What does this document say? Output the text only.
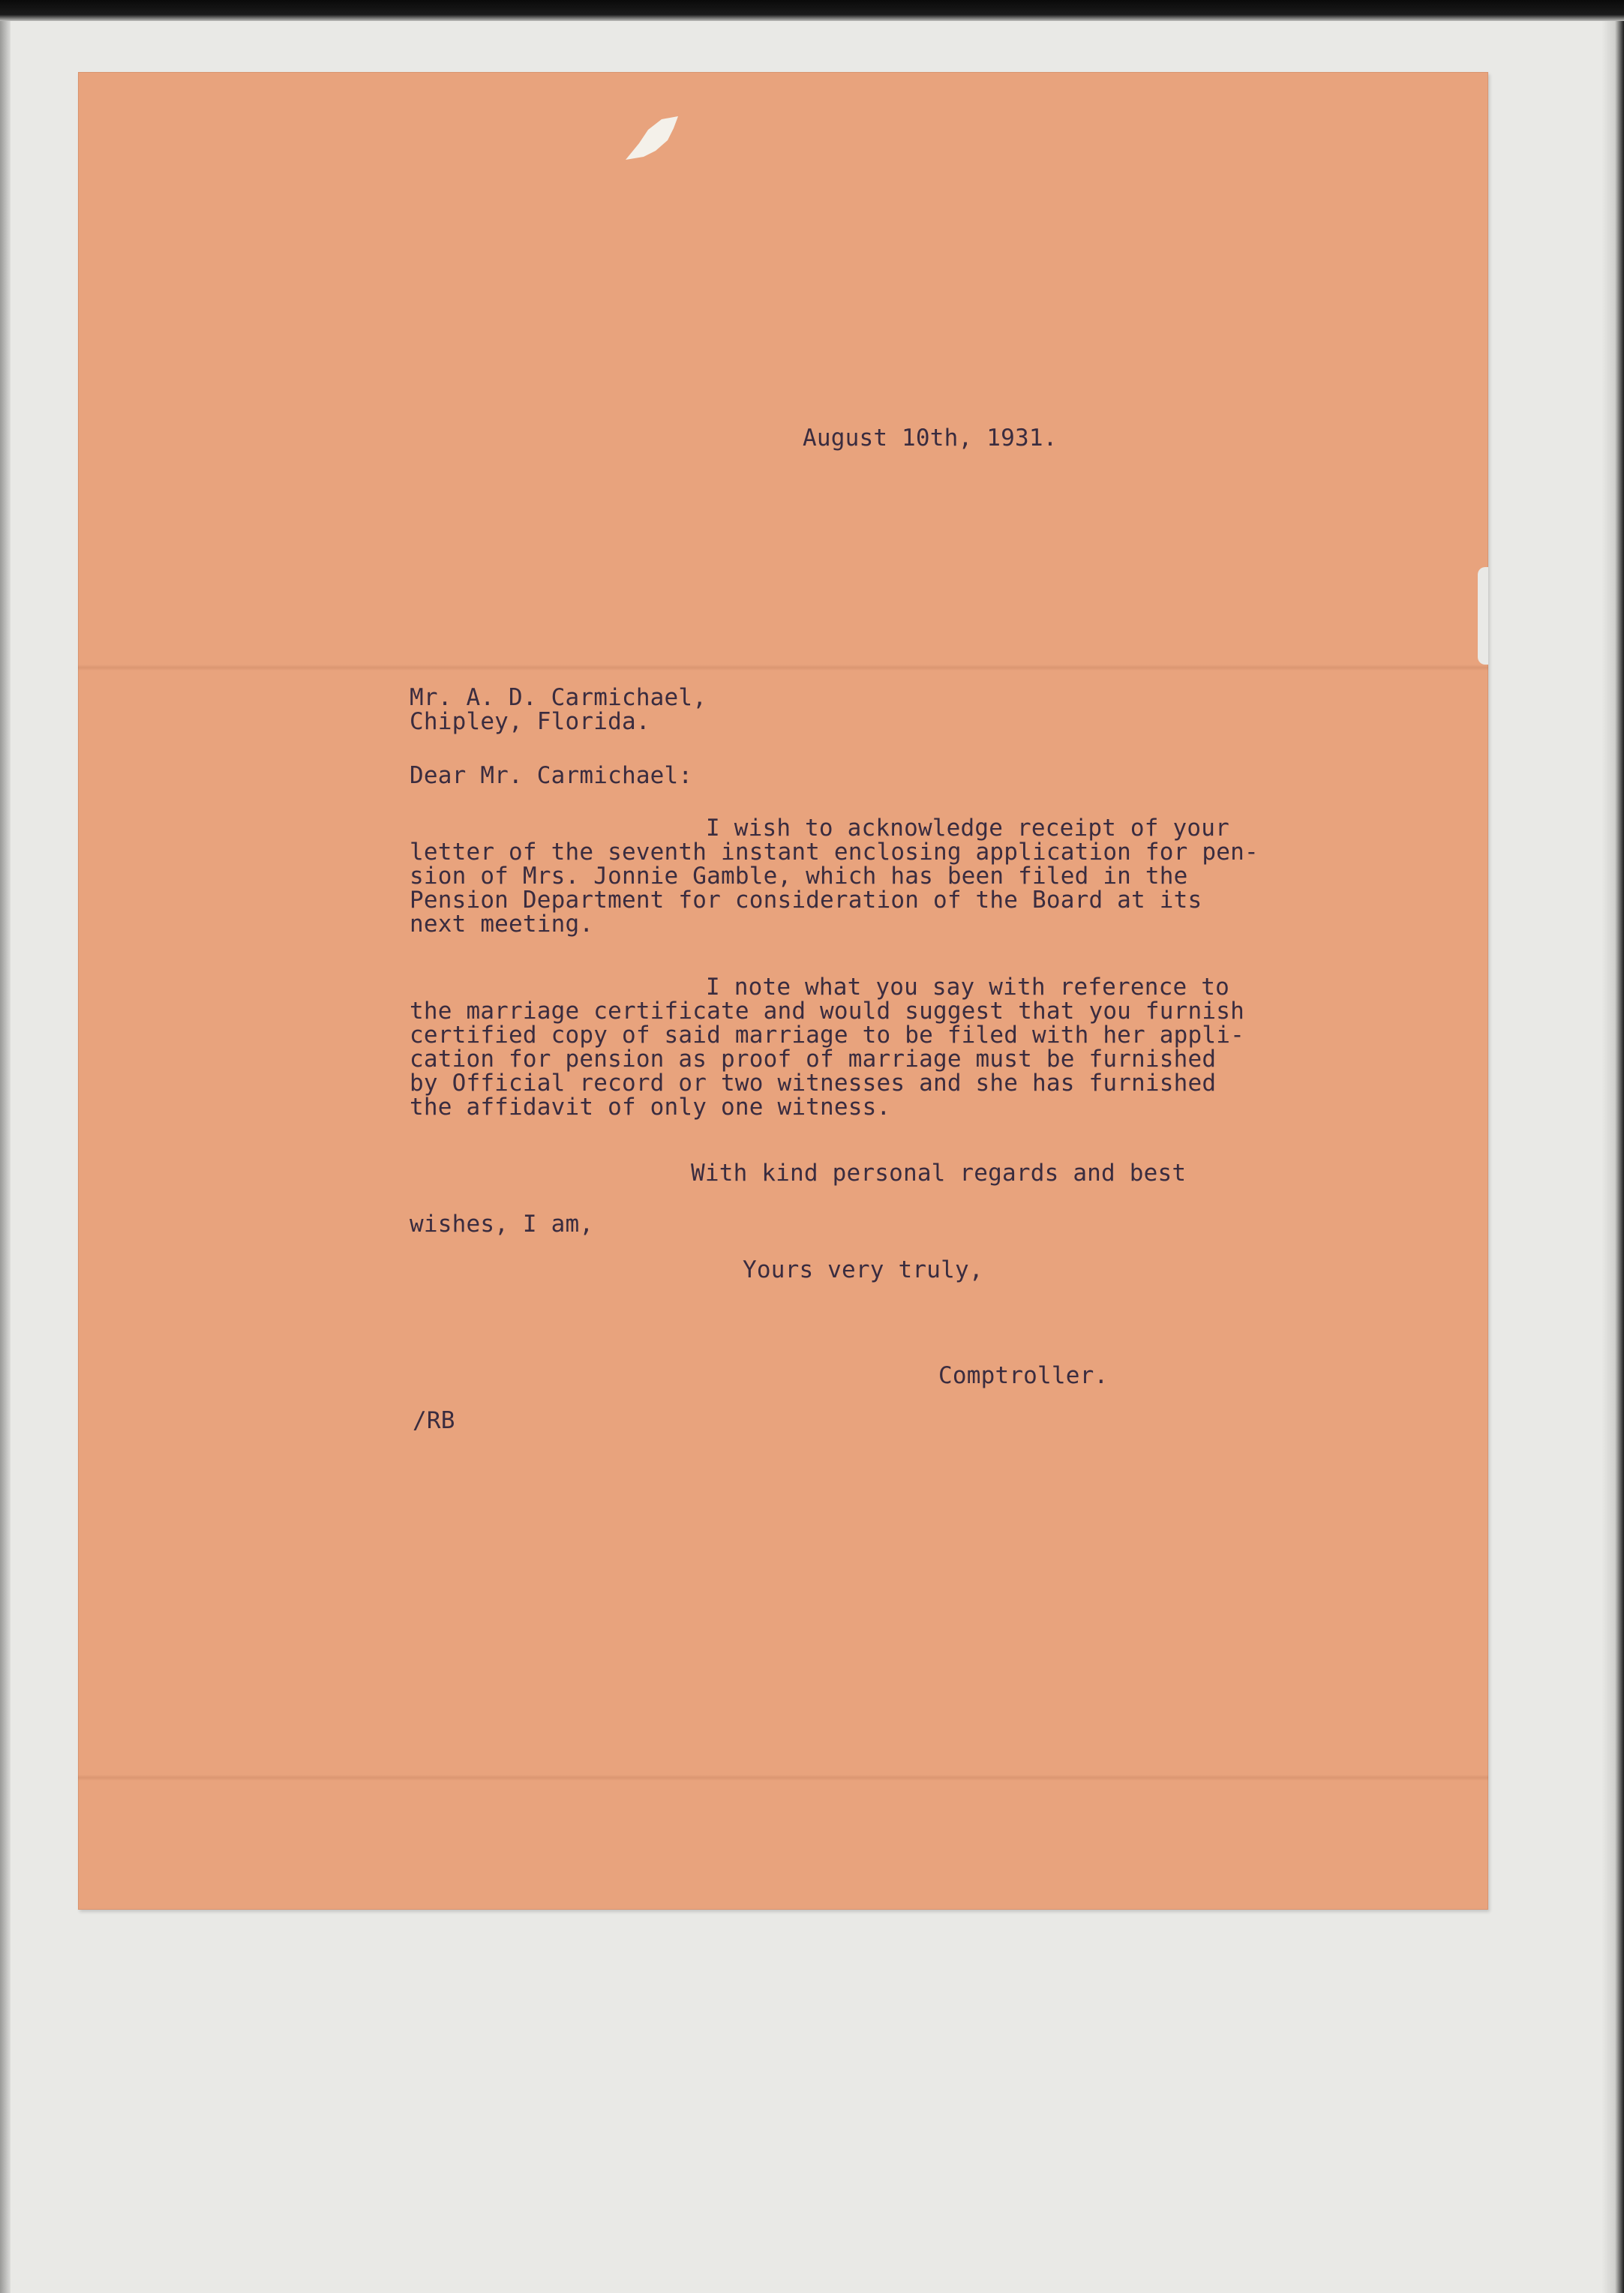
August 10th, 1931.

Mr. A. D. Carmichael,

Chipley, Florida.

Dear Mr. Carmichael:

I wish to acknowledge receipt of your

letter of the seventh instant enclosing application for pen-

sion of Mrs. Jonnie Gamble, which has been filed in the

Pension Department for consideration of the Board at its

next meeting.

I note what you say with reference to

the marriage certificate and would suggest that you furnish

certified copy of said marriage to be filed with her appli-

cation for pension as proof of marriage must be furnished

by Official record or two witnesses and she has furnished

the affidavit of only one witness.

With kind personal regards and best

wishes, I am,

Yours very truly,

Comptroller.

/RB
